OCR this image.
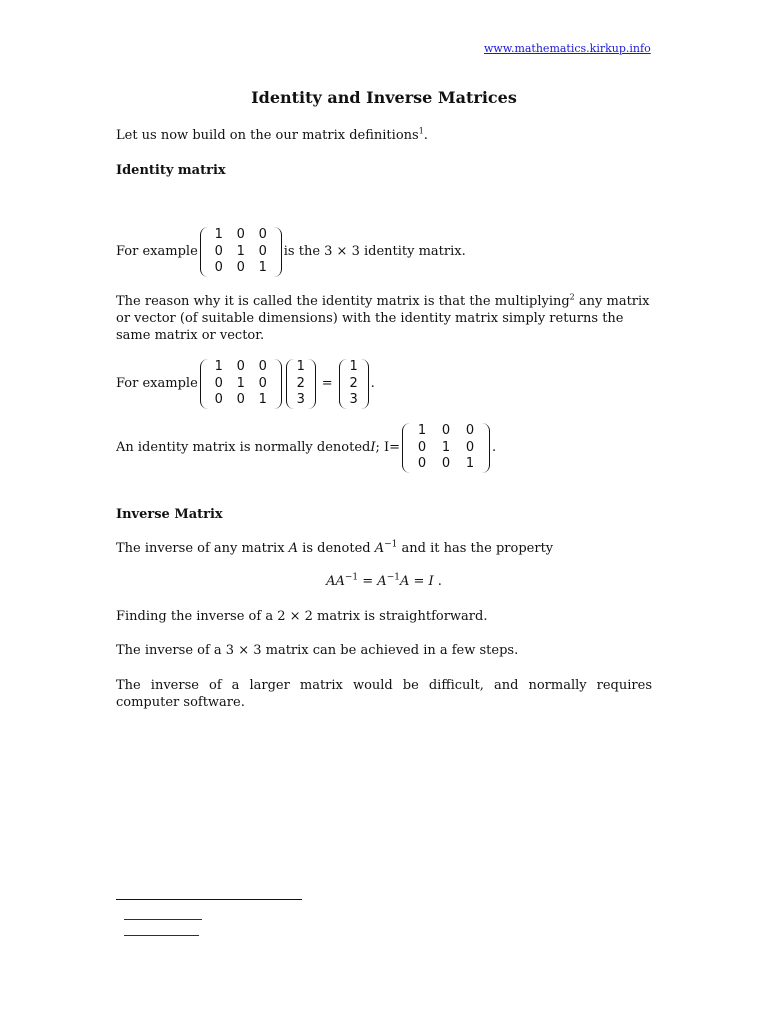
www.mathematics.kirkup.info
Identity and Inverse Matrices
Let us now build on the our matrix definitions$^1$.
Identity matrix
For example
1	0	0
0	1	0
0	0	1
is the 3 × 3 identity matrix.
The reason why it is called the identity matrix is that the multiplying$^2$ any matrix or vector (of suitable dimensions) with the identity matrix simply returns the same matrix or vector.
For example
1	0	0
0	1	0
0	0	1
1
2
3
=
1
2
3
.
An identity matrix is normally denoted I ; I=
1	0	0
0	1	0
0	0	1
.
Inverse Matrix
The inverse of any matrix A is denoted $A^{-1}$ and it has the property
$AA^{-1} = A^{-1}A = I$ .
Finding the inverse of a 2 × 2 matrix is straightforward.
The inverse of a 3 × 3 matrix can be achieved in a few steps.
The inverse of a larger matrix would be difficult, and normally requires computer software.
